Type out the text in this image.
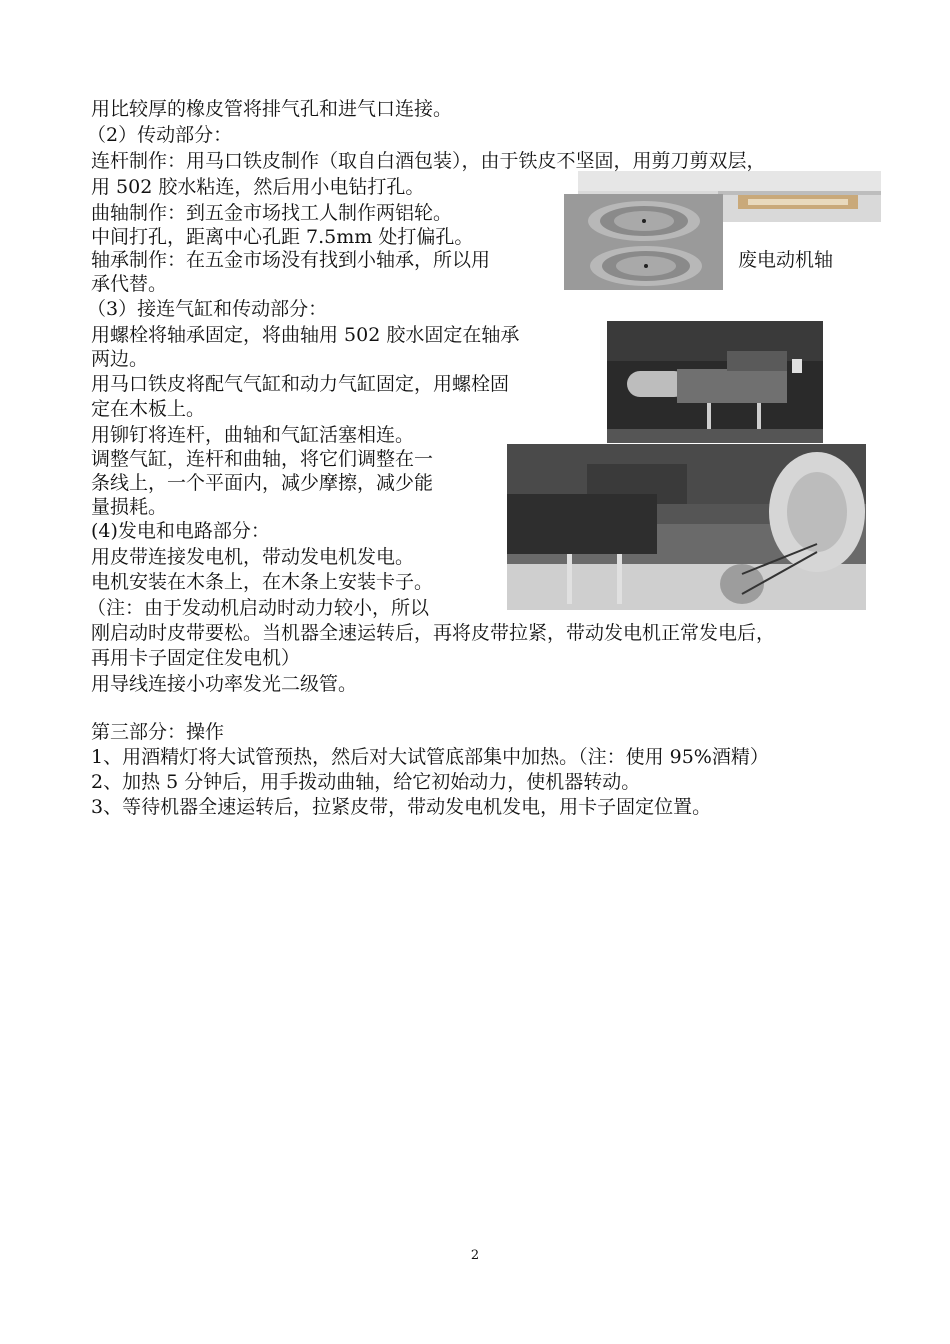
用比较厚的橡皮管将排气孔和进气口连接。
（2）传动部分：
连杆制作：用马口铁皮制作（取自白酒包装），由于铁皮不坚固，用剪刀剪双层，
用 502 胶水粘连，然后用小电钻打孔。
曲轴制作：到五金市场找工人制作两铝轮。
中间打孔，距离中心孔距 7.5mm 处打偏孔。
轴承制作：在五金市场没有找到小轴承，所以用	废电动机轴
承代替。
（3）接连气缸和传动部分：
用螺栓将轴承固定，将曲轴用 502 胶水固定在轴承
两边。
用马口铁皮将配气气缸和动力气缸固定，用螺栓固
定在木板上。
用铆钉将连杆，曲轴和气缸活塞相连。
调整气缸，连杆和曲轴，将它们调整在一
条线上，一个平面内，减少摩擦，减少能
量损耗。
(4)发电和电路部分：
用皮带连接发电机，带动发电机发电。
电机安装在木条上，在木条上安装卡子。
（注：由于发动机启动时动力较小，所以
刚启动时皮带要松。当机器全速运转后，再将皮带拉紧，带动发电机正常发电后，
再用卡子固定住发电机）
用导线连接小功率发光二级管。
第三部分：操作
1、用酒精灯将大试管预热，然后对大试管底部集中加热。（注：使用 95%酒精）
2、加热 5 分钟后，用手拨动曲轴，给它初始动力，使机器转动。
3、等待机器全速运转后，拉紧皮带，带动发电机发电，用卡子固定位置。
2
